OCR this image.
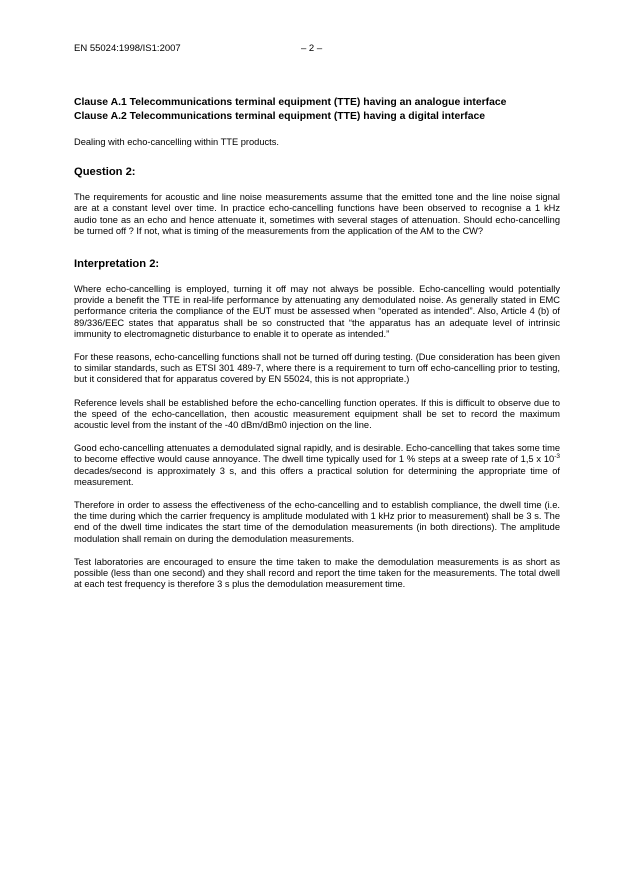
EN 55024:1998/IS1:2007	– 2 –
Clause A.1 Telecommunications terminal equipment (TTE) having an analogue interface
Clause A.2 Telecommunications terminal equipment (TTE) having a digital interface

Dealing with echo-cancelling within TTE products.

Question 2:

The requirements for acoustic and line noise measurements assume that the emitted tone and the line noise signal are at a constant level over time. In practice echo-cancelling functions have been observed to recognise a 1 kHz audio tone as an echo and hence attenuate it, sometimes with several stages of attenuation. Should echo-cancelling be turned off ? If not, what is timing of the measurements from the application of the AM to the CW?

Interpretation 2:

Where echo-cancelling is employed, turning it off may not always be possible. Echo-cancelling would potentially provide a benefit the TTE in real-life performance by attenuating any demodulated noise. As generally stated in EMC performance criteria the compliance of the EUT must be assessed when “operated as intended”. Also, Article 4 (b) of 89/336/EEC states that apparatus shall be so constructed that “the apparatus has an adequate level of intrinsic immunity to electromagnetic disturbance to enable it to operate as intended.”

For these reasons, echo-cancelling functions shall not be turned off during testing. (Due consideration has been given to similar standards, such as ETSI 301 489-7, where there is a requirement to turn off echo-cancelling prior to testing, but it considered that for apparatus covered by EN 55024, this is not appropriate.)

Reference levels shall be established before the echo-cancelling function operates. If this is difficult to observe due to the speed of the echo-cancellation, then acoustic measurement equipment shall be set to record the maximum acoustic level from the instant of the -40 dBm/dBm0 injection on the line.

Good echo-cancelling attenuates a demodulated signal rapidly, and is desirable. Echo-cancelling that takes some time to become effective would cause annoyance. The dwell time typically used for 1 % steps at a sweep rate of 1,5 x $10^{-3}$ decades/second is approximately 3 s, and this offers a practical solution for determining the appropriate time of measurement.

Therefore in order to assess the effectiveness of the echo-cancelling and to establish compliance, the dwell time (i.e. the time during which the carrier frequency is amplitude modulated with 1 kHz prior to measurement) shall be 3 s. The end of the dwell time indicates the start time of the demodulation measurements (in both directions). The amplitude modulation shall remain on during the demodulation measurements.

Test laboratories are encouraged to ensure the time taken to make the demodulation measurements is as short as possible (less than one second) and they shall record and report the time taken for the measurements. The total dwell at each test frequency is therefore 3 s plus the demodulation measurement time.
